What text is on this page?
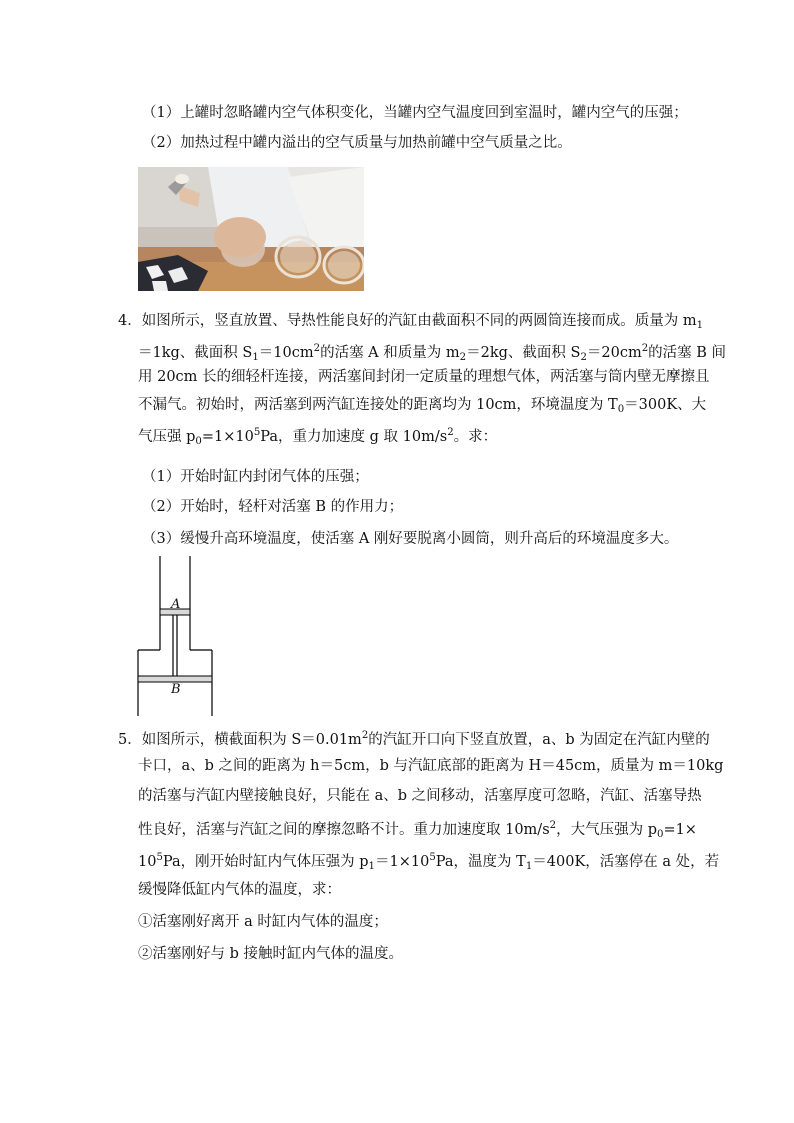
（1）上罐时忽略罐内空气体积变化，当罐内空气温度回到室温时，罐内空气的压强；
（2）加热过程中罐内溢出的空气质量与加热前罐中空气质量之比。
4．如图所示，竖直放置、导热性能良好的汽缸由截面积不同的两圆筒连接而成。质量为 $m_1$
＝1kg、截面积 $S_1=10cm^2$的活塞 A 和质量为 $m_2=2kg$、截面积 $S_2=20cm^2$的活塞 B 间
用 20cm 长的细轻杆连接，两活塞间封闭一定质量的理想气体，两活塞与筒内壁无摩擦且
不漏气。初始时，两活塞到两汽缸连接处的距离均为 10cm，环境温度为 $T_0=300K$、大
气压强 $p_0=1\times 10^5Pa$，重力加速度 g 取 $10m/s^2$。求：
（1）开始时缸内封闭气体的压强；
（2）开始时，轻杆对活塞 B 的作用力；
（3）缓慢升高环境温度，使活塞 A 刚好要脱离小圆筒，则升高后的环境温度多大。
A
B
5．如图所示，横截面积为 $S=0.01m^2$的汽缸开口向下竖直放置，a、b 为固定在汽缸内壁的
卡口，a、b 之间的距离为 h＝5cm，b 与汽缸底部的距离为 H＝45cm，质量为 m＝10kg
的活塞与汽缸内壁接触良好，只能在 a、b 之间移动，活塞厚度可忽略，汽缸、活塞导热
性良好，活塞与汽缸之间的摩擦忽略不计。重力加速度取 $10m/s^2$，大气压强为 $p_0=1\times$
$10^5Pa$，刚开始时缸内气体压强为 $p_1=1\times 10^5Pa$，温度为 $T_1=400K$，活塞停在 a 处，若
缓慢降低缸内气体的温度，求：
①活塞刚好离开 a 时缸内气体的温度；
②活塞刚好与 b 接触时缸内气体的温度。
